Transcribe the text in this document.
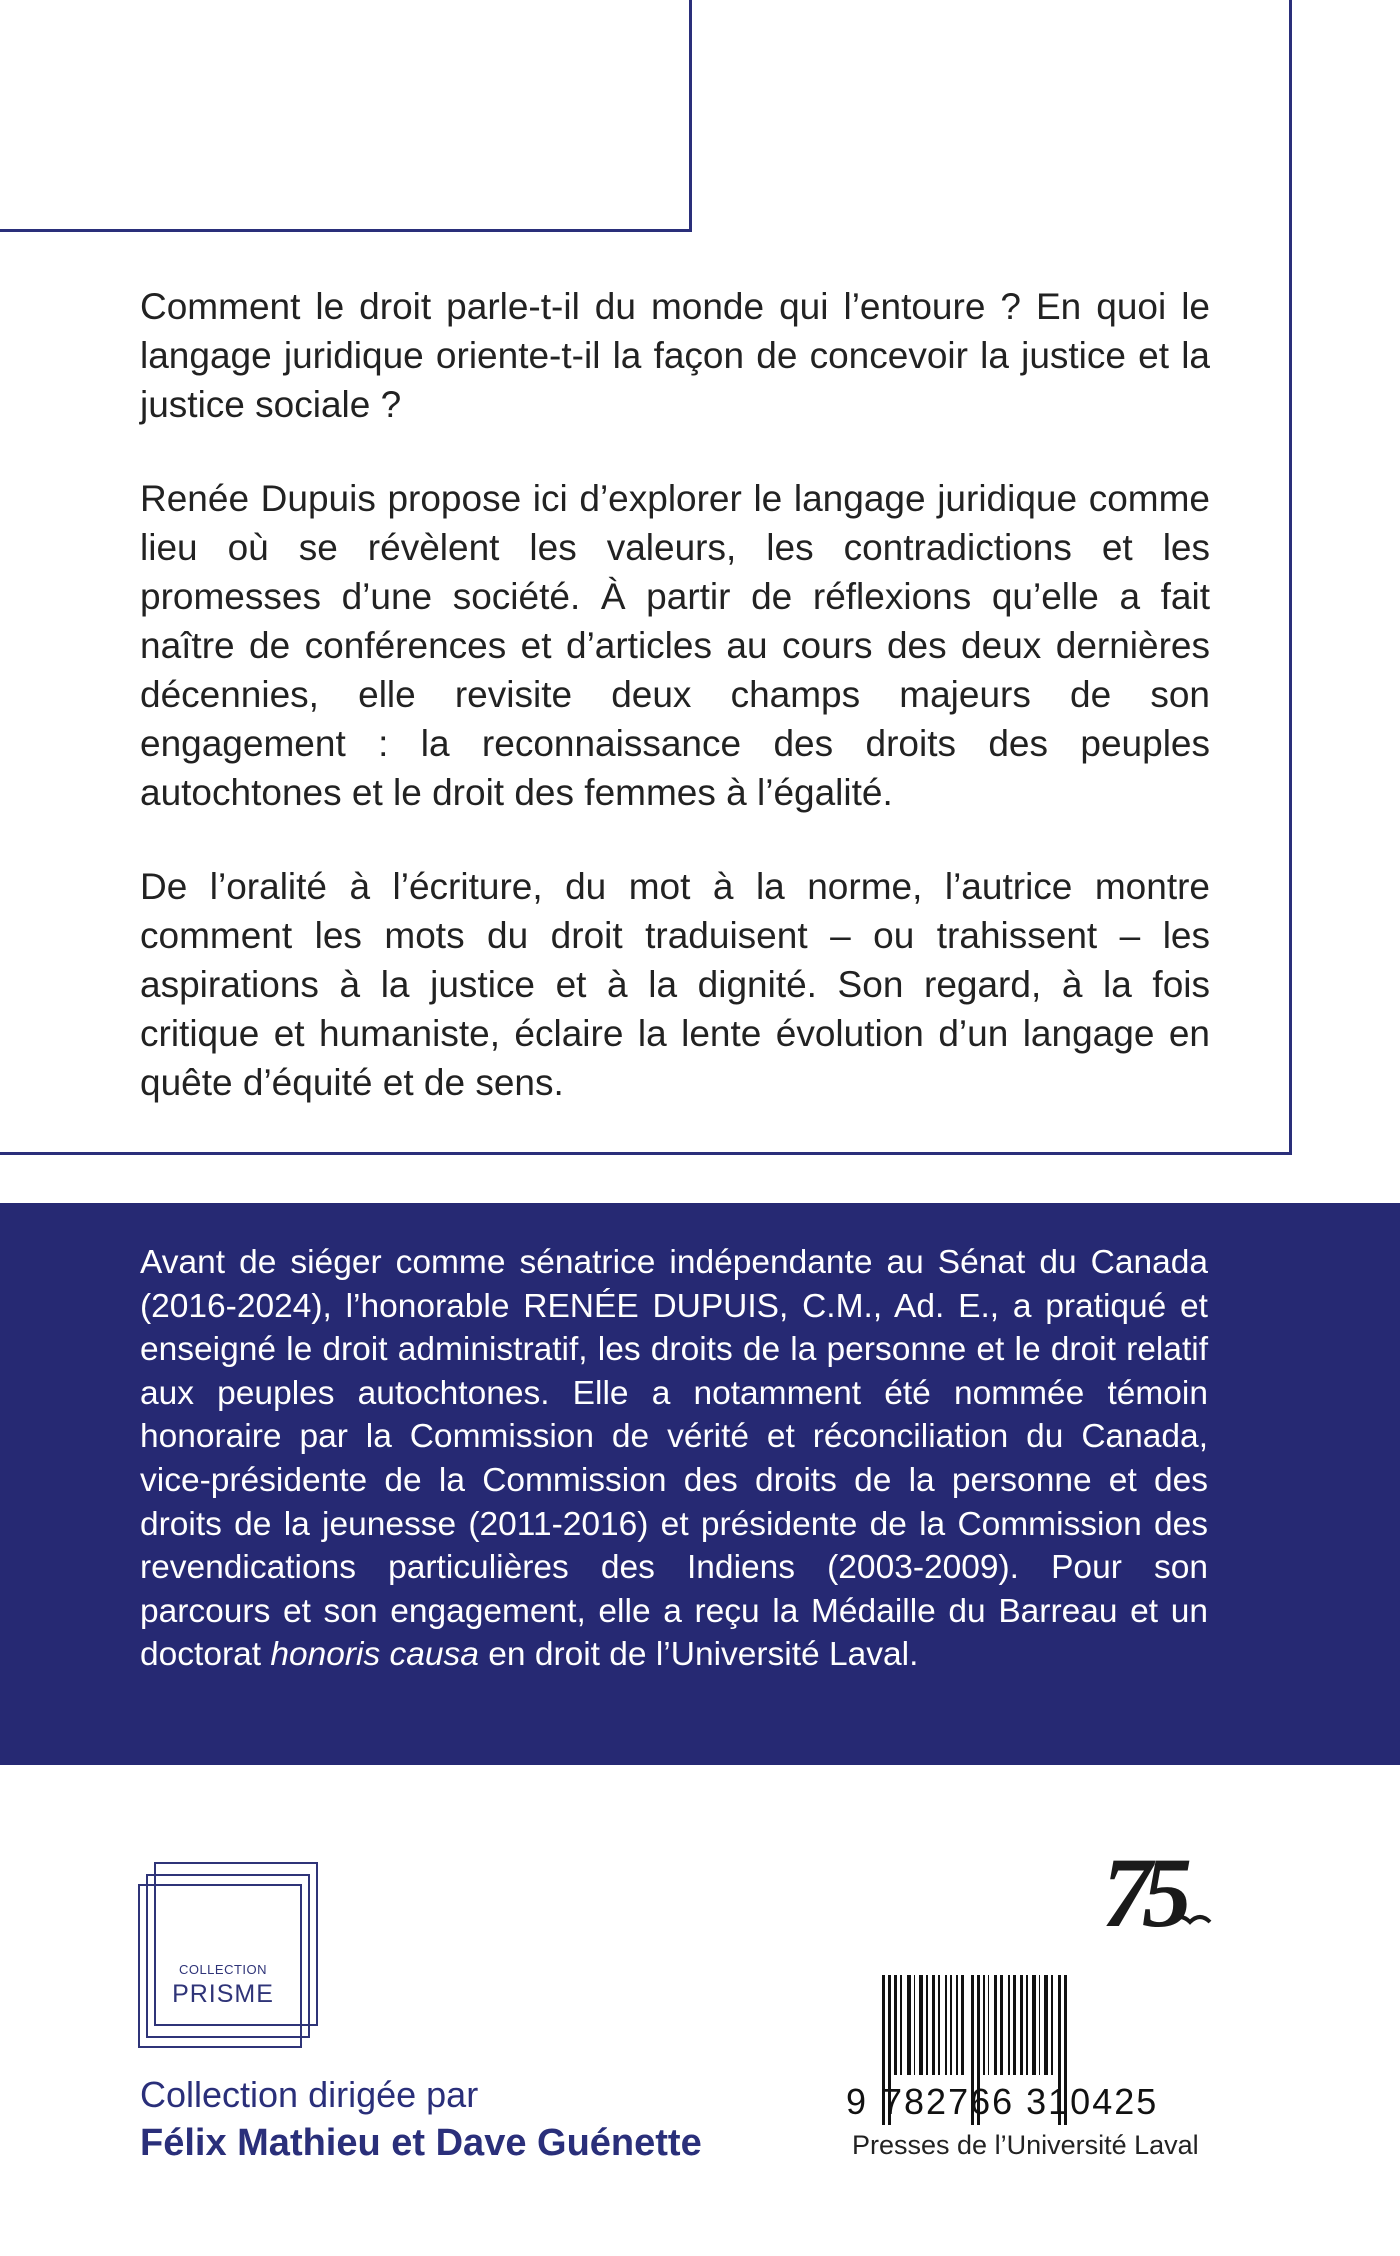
Comment le droit parle-t-il du monde qui l’entoure ? En quoi le langage juridique oriente-t-il la façon de concevoir la justice et la justice sociale ?

Renée Dupuis propose ici d’explorer le langage juridique comme lieu où se révèlent les valeurs, les contradictions et les promesses d’une société. À partir de réflexions qu’elle a fait naître de conférences et d’articles au cours des deux dernières décennies, elle revisite deux champs majeurs de son engagement : la reconnaissance des droits des peuples autochtones et le droit des femmes à l’égalité.

De l’oralité à l’écriture, du mot à la norme, l’autrice montre comment les mots du droit traduisent – ou trahissent – les aspirations à la justice et à la dignité. Son regard, à la fois critique et humaniste, éclaire la lente évolution d’un langage en quête d’équité et de sens.

Avant de siéger comme sénatrice indépendante au Sénat du Canada (2016-2024), l’honorable RENÉE DUPUIS, C.M., Ad. E., a pratiqué et enseigné le droit administratif, les droits de la personne et le droit relatif aux peuples autochtones. Elle a notamment été nommée témoin honoraire par la Commission de vérité et réconciliation du Canada, vice-présidente de la Commission des droits de la personne et des droits de la jeunesse (2011-2016) et présidente de la Commission des revendications particulières des Indiens (2003-2009). Pour son parcours et son engagement, elle a reçu la Médaille du Barreau et un doctorat honoris causa en droit de l’Université Laval.

COLLECTION
PRISME
Collection dirigée par
Félix Mathieu et Dave Guénette
75
9 782766 310425
Presses de l’Université Laval
